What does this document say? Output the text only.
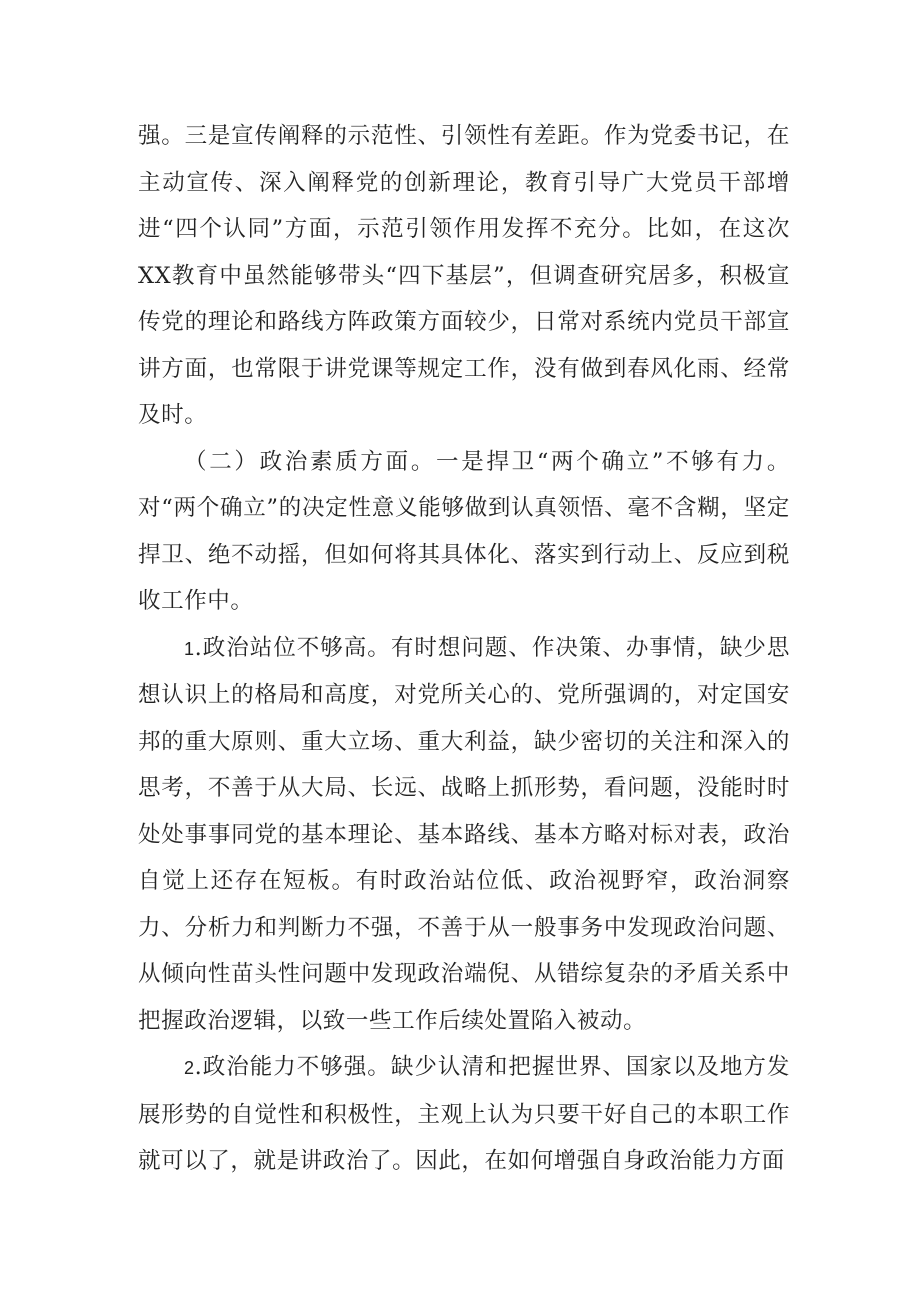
强。三是宣传阐释的示范性、引领性有差距。作为党委书记，在主动宣传、深入阐释党的创新理论，教育引导广大党员干部增进“四个认同”方面，示范引领作用发挥不充分。比如，在这次XX教育中虽然能够带头“四下基层”，但调查研究居多，积极宣传党的理论和路线方阵政策方面较少，日常对系统内党员干部宣讲方面，也常限于讲党课等规定工作，没有做到春风化雨、经常及时。

（二）政治素质方面。一是捍卫“两个确立”不够有力。对“两个确立”的决定性意义能够做到认真领悟、毫不含糊，坚定捍卫、绝不动摇，但如何将其具体化、落实到行动上、反应到税收工作中。

1.政治站位不够高。有时想问题、作决策、办事情，缺少思想认识上的格局和高度，对党所关心的、党所强调的，对定国安邦的重大原则、重大立场、重大利益，缺少密切的关注和深入的思考，不善于从大局、长远、战略上抓形势，看问题，没能时时处处事事同党的基本理论、基本路线、基本方略对标对表，政治自觉上还存在短板。有时政治站位低、政治视野窄，政治洞察力、分析力和判断力不强，不善于从一般事务中发现政治问题、从倾向性苗头性问题中发现政治端倪、从错综复杂的矛盾关系中把握政治逻辑，以致一些工作后续处置陷入被动。

2.政治能力不够强。缺少认清和把握世界、国家以及地方发展形势的自觉性和积极性，主观上认为只要干好自己的本职工作就可以了，就是讲政治了。因此，在如何增强自身政治能力方面
